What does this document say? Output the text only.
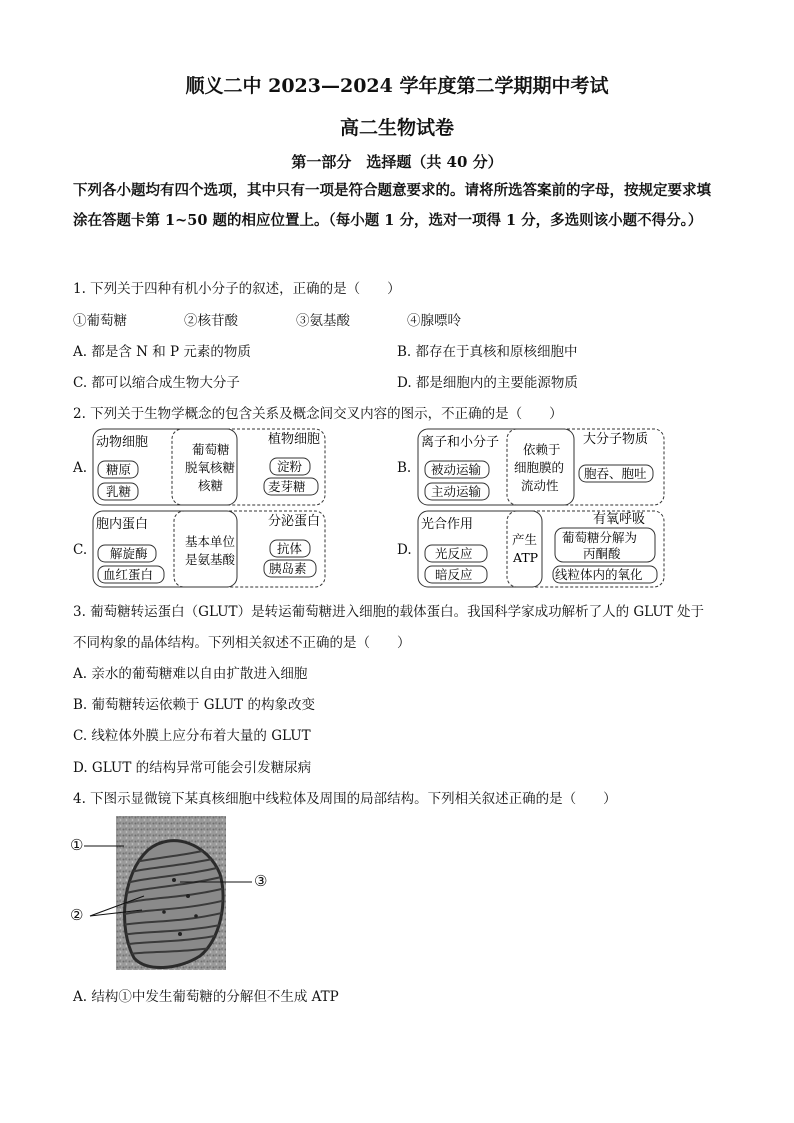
顺义二中 2023—2024 学年度第二学期期中考试
高二生物试卷
第一部分　选择题（共 40 分）
下列各小题均有四个选项，其中只有一项是符合题意要求的。请将所选答案前的字母，按规定要求填涂在答题卡第 1~50 题的相应位置上。（每小题 1 分，选对一项得 1 分，多选则该小题不得分。）
1. 下列关于四种有机小分子的叙述，正确的是（　　）
①葡萄糖	②核苷酸	③氨基酸	④腺嘌呤
A. 都是含 N 和 P 元素的物质	B. 都存在于真核和原核细胞中
C. 都可以缩合成生物大分子	D. 都是细胞内的主要能源物质
2. 下列关于生物学概念的包含关系及概念间交叉内容的图示，不正确的是（　　）
A.
动物细胞
糖原
乳糖
葡萄糖
脱氧核糖
核糖
植物细胞
淀粉
麦芽糖
B.
离子和小分子
被动运输
主动运输
依赖于
细胞膜的
流动性
大分子物质
胞吞、胞吐
C.
胞内蛋白
解旋酶
血红蛋白
基本单位
是氨基酸
分泌蛋白
抗体
胰岛素
D.
光合作用
光反应
暗反应
产生
ATP
有氧呼吸
葡萄糖分解为
丙酮酸
线粒体内的氧化
3. 葡萄糖转运蛋白（GLUT）是转运葡萄糖进入细胞的载体蛋白。我国科学家成功解析了人的 GLUT 处于
不同构象的晶体结构。下列相关叙述不正确的是（　　）
A. 亲水的葡萄糖难以自由扩散进入细胞
B. 葡萄糖转运依赖于 GLUT 的构象改变
C. 线粒体外膜上应分布着大量的 GLUT
D. GLUT 的结构异常可能会引发糖尿病
4. 下图示显微镜下某真核细胞中线粒体及周围的局部结构。下列相关叙述正确的是（　　）
①
②
③
A. 结构①中发生葡萄糖的分解但不生成 ATP
